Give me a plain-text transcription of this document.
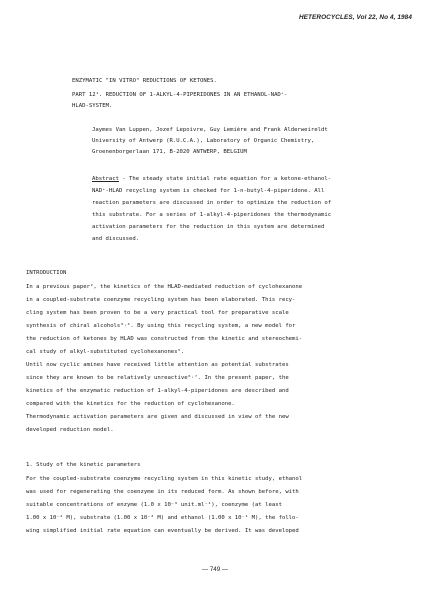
HETEROCYCLES, Vol 22, No 4, 1984
ENZYMATIC "IN VITRO" REDUCTIONS OF KETONES.
PART 12¹. REDUCTION OF 1-ALKYL-4-PIPERIDONES IN AN ETHANOL-NAD⁺-
HLAD-SYSTEM.
Jaymes Van Luppen, Jozef Lepoivre, Guy Lemière and Frank Alderweireldt
University of Antwerp (R.U.C.A.), Laboratory of Organic Chemistry,
Groenenborgerlaan 171, B-2020 ANTWERP, BELGIUM
Abstract - The steady state initial rate equation for a ketone-ethanol-
NAD⁺-HLAD recycling system is checked for 1-n-butyl-4-piperidone. All
reaction parameters are discussed in order to optimize the reduction of
this substrate. For a series of 1-alkyl-4-piperidones the thermodynamic
activation parameters for the reduction in this system are determined
and discussed.
INTRODUCTION
In a previous paper², the kinetics of the HLAD-mediated reduction of cyclohexanone
in a coupled-substrate coenzyme recycling system has been elaborated. This recy-
cling system has been proven to be a very practical tool for preparative scale
synthesis of chiral alcohols³˒⁴. By using this recycling system, a new model for
the reduction of ketones by HLAD was constructed from the kinetic and stereochemi-
cal study of alkyl-substituted cyclohexanones⁵.
Until now cyclic amines have received little attention as potential substrates
since they are known to be relatively unreactive⁶˒⁷. In the present paper, the
kinetics of the enzymatic reduction of 1-alkyl-4-piperidones are described and
compared with the kinetics for the reduction of cyclohexanone.
Thermodynamic activation parameters are given and discussed in view of the new
developed reduction model.
1. Study of the kinetic parameters
For the coupled-substrate coenzyme recycling system in this kinetic study, ethanol
was used for regenerating the coenzyme in its reduced form. As shown before, with
suitable concentrations of enzyme (1.0 x 10⁻³ unit.ml⁻¹), coenzyme (at least
1.00 x 10⁻⁴ M), substrate (1.00 x 10⁻² M) and ethanol (1.00 x 10⁻¹ M), the follo-
wing simplified initial rate equation can eventually be derived. It was developed
— 749 —
